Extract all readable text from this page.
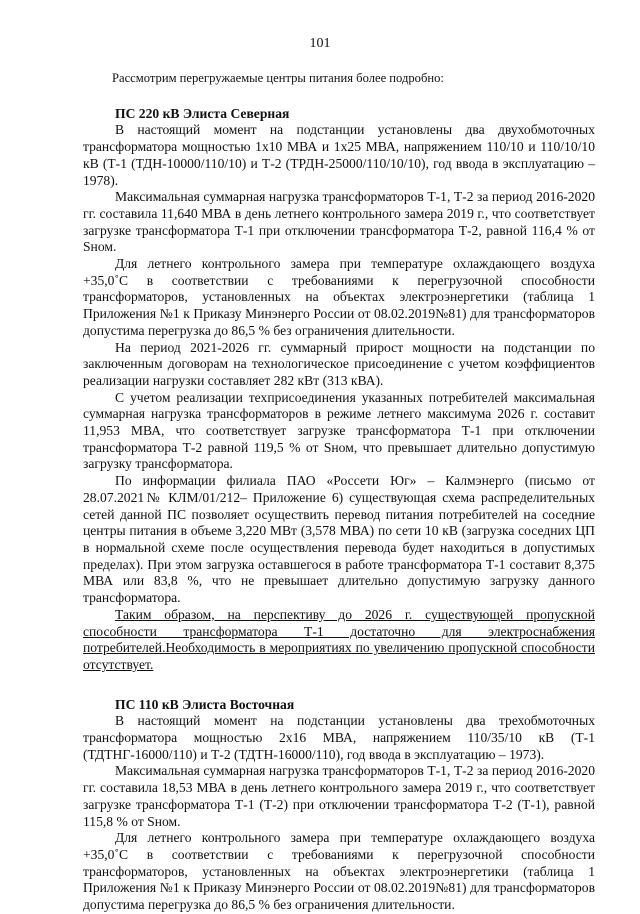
101

Рассмотрим перегружаемые центры питания более подробно:

ПС 220 кВ Элиста Северная

В настоящий момент на подстанции установлены два двухобмоточных трансформатора мощностью 1х10 МВА и 1х25 МВА, напряжением 110/10 и 110/10/10 кВ (Т-1 (ТДН-10000/110/10) и Т-2 (ТРДН-25000/110/10/10), год ввода в эксплуатацию – 1978).

Максимальная суммарная нагрузка трансформаторов Т-1, Т-2 за период 2016-2020 гг. составила 11,640 МВА в день летнего контрольного замера 2019 г., что соответствует загрузке трансформатора Т-1 при отключении трансформатора Т-2, равной 116,4 % от Sном.

Для летнего контрольного замера при температуре охлаждающего воздуха +35,0˚С в соответствии с требованиями к перегрузочной способности трансформаторов, установленных на объектах электроэнергетики (таблица 1 Приложения №1 к Приказу Минэнерго России от 08.02.2019№81) для трансформаторов допустима перегрузка до 86,5 % без ограничения длительности.

На период 2021-2026 гг. суммарный прирост мощности на подстанции по заключенным договорам на технологическое присоединение с учетом коэффициентов реализации нагрузки составляет 282 кВт (313 кВА).

С учетом реализации техприсоединения указанных потребителей максимальная суммарная нагрузка трансформаторов в режиме летнего максимума 2026 г. составит 11,953 МВА, что соответствует загрузке трансформатора Т-1 при отключении трансформатора Т-2 равной 119,5 % от Sном, что превышает длительно допустимую загрузку трансформатора.

По информации филиала ПАО «Россети Юг» – Калмэнерго (письмо от 28.07.2021№ КЛМ/01/212– Приложение 6) существующая схема распределительных сетей данной ПС позволяет осуществить перевод питания потребителей на соседние центры питания в объеме 3,220 МВт (3,578 МВА) по сети 10 кВ (загрузка соседних ЦП в нормальной схеме после осуществления перевода будет находиться в допустимых пределах). При этом загрузка оставшегося в работе трансформатора Т-1 составит 8,375 МВА или 83,8 %, что не превышает длительно допустимую загрузку данного трансформатора.

Таким образом, на перспективу до 2026 г. существующей пропускной способности трансформатора Т-1 достаточно для электроснабжения потребителей.Необходимость в мероприятиях по увеличению пропускной способности отсутствует.

ПС 110 кВ Элиста Восточная

В настоящий момент на подстанции установлены два трехобмоточных трансформатора мощностью 2х16 МВА, напряжением 110/35/10 кВ (Т-1 (ТДТНГ-16000/110) и Т-2 (ТДТН-16000/110), год ввода в эксплуатацию – 1973).

Максимальная суммарная нагрузка трансформаторов Т-1, Т-2 за период 2016-2020 гг. составила 18,53 МВА в день летнего контрольного замера 2019 г., что соответствует загрузке трансформатора Т-1 (Т-2) при отключении трансформатора Т-2 (Т-1), равной 115,8 % от Sном.

Для летнего контрольного замера при температуре охлаждающего воздуха +35,0˚С в соответствии с требованиями к перегрузочной способности трансформаторов, установленных на объектах электроэнергетики (таблица 1 Приложения №1 к Приказу Минэнерго России от 08.02.2019№81) для трансформаторов допустима перегрузка до 86,5 % без ограничения длительности.
